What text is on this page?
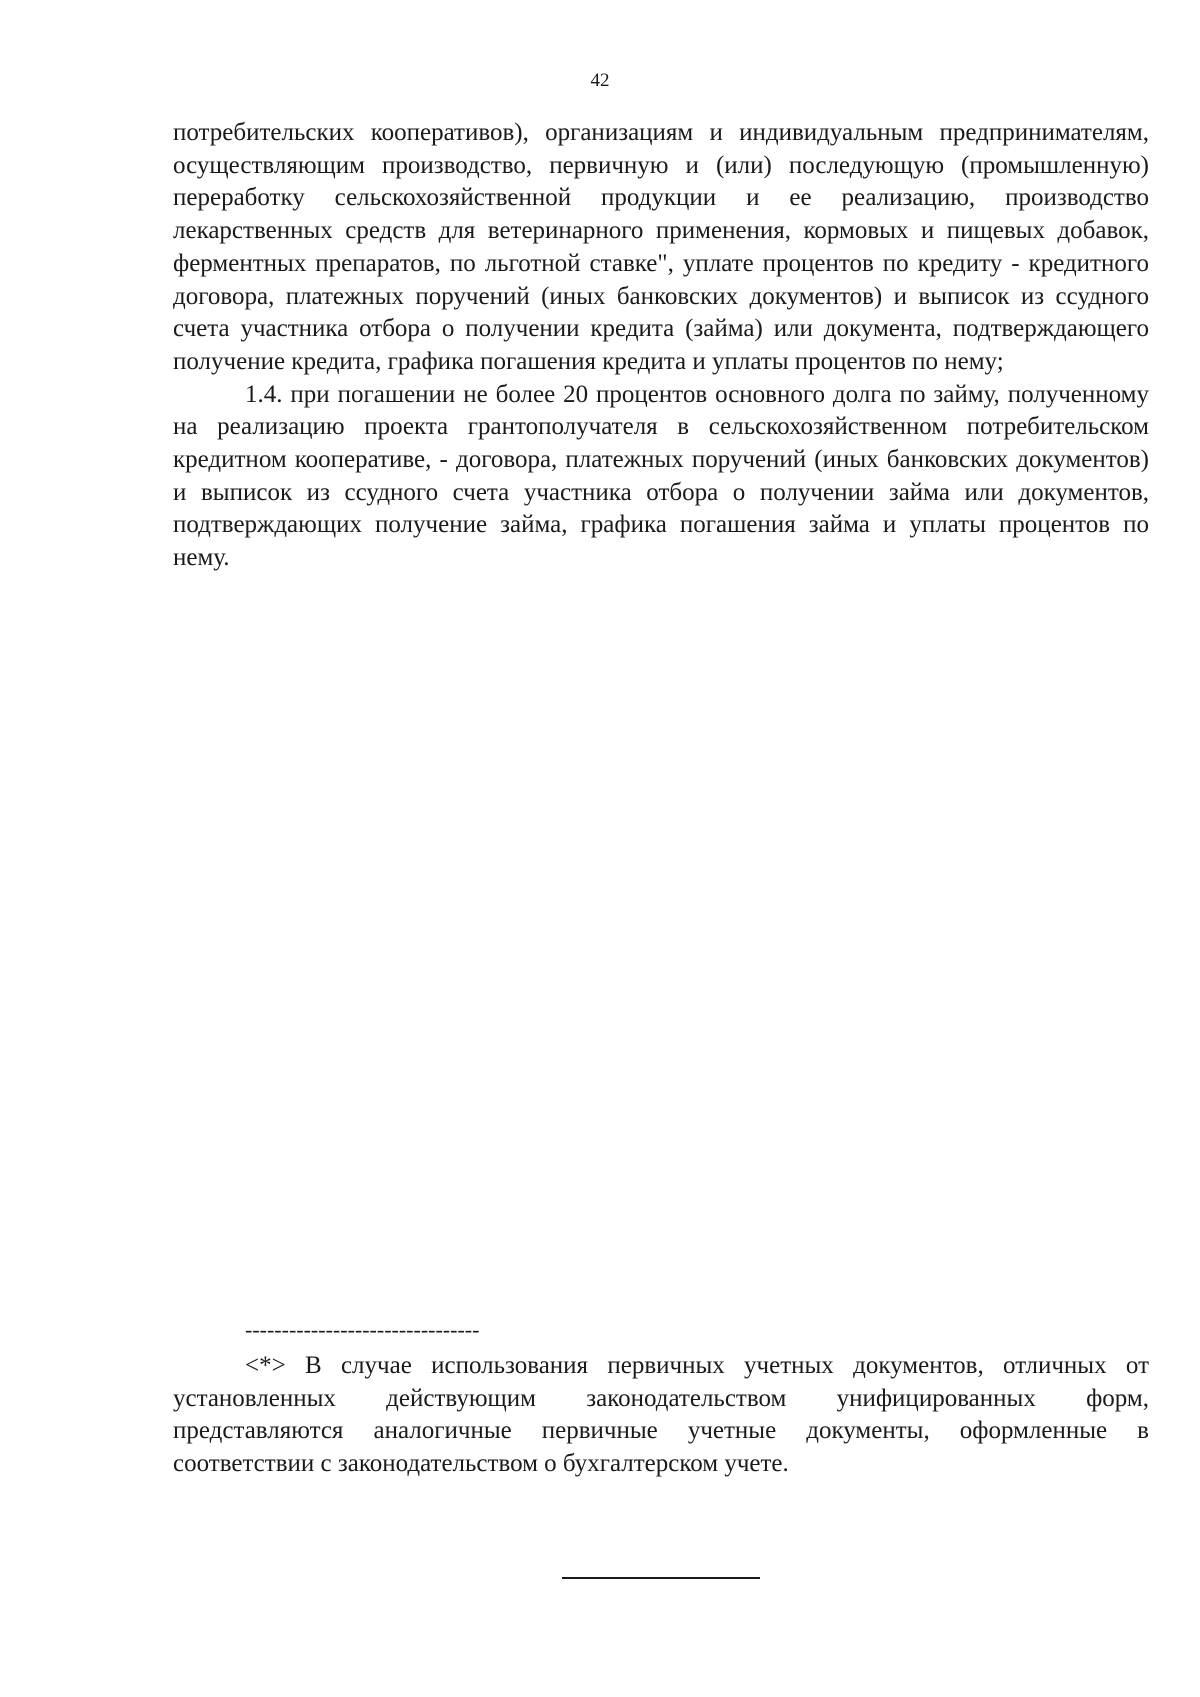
42

потребительских кооперативов), организациям и индивидуальным предпринимателям, осуществляющим производство, первичную и (или) последующую (промышленную) переработку сельскохозяйственной продукции и ее реализацию, производство лекарственных средств для ветеринарного применения, кормовых и пищевых добавок, ферментных препаратов, по льготной ставке", уплате процентов по кредиту - кредитного договора, платежных поручений (иных банковских документов) и выписок из ссудного счета участника отбора о получении кредита (займа) или документа, подтверждающего получение кредита, графика погашения кредита и уплаты процентов по нему;

1.4. при погашении не более 20 процентов основного долга по займу, полученному на реализацию проекта грантополучателя в сельскохозяйственном потребительском кредитном кооперативе, - договора, платежных поручений (иных банковских документов) и выписок из ссудного счета участника отбора о получении займа или документов, подтверждающих получение займа, графика погашения займа и уплаты процентов по нему.

--------------------------------

<*> В случае использования первичных учетных документов, отличных от установленных действующим законодательством унифицированных форм, представляются аналогичные первичные учетные документы, оформленные в соответствии с законодательством о бухгалтерском учете.
